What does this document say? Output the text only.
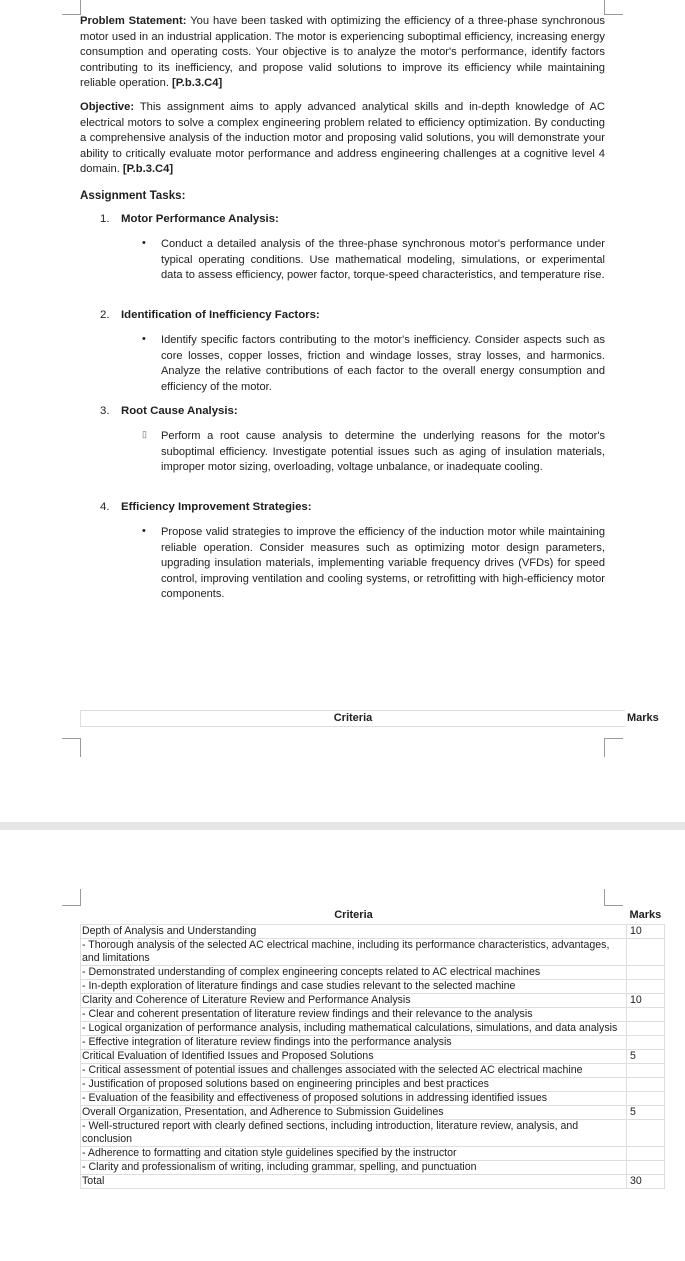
Problem Statement: You have been tasked with optimizing the efficiency of a three-phase synchronous motor used in an industrial application. The motor is experiencing suboptimal efficiency, increasing energy consumption and operating costs. Your objective is to analyze the motor's performance, identify factors contributing to its inefficiency, and propose valid solutions to improve its efficiency while maintaining reliable operation. [P.b.3.C4]

Objective: This assignment aims to apply advanced analytical skills and in-depth knowledge of AC electrical motors to solve a complex engineering problem related to efficiency optimization. By conducting a comprehensive analysis of the induction motor and proposing valid solutions, you will demonstrate your ability to critically evaluate motor performance and address engineering challenges at a cognitive level 4 domain. [P.b.3.C4]

Assignment Tasks:
1. Motor Performance Analysis:
• Conduct a detailed analysis of the three-phase synchronous motor's performance under typical operating conditions. Use mathematical modeling, simulations, or experimental data to assess efficiency, power factor, torque-speed characteristics, and temperature rise.
2. Identification of Inefficiency Factors:
• Identify specific factors contributing to the motor's inefficiency. Consider aspects such as core losses, copper losses, friction and windage losses, stray losses, and harmonics. Analyze the relative contributions of each factor to the overall energy consumption and efficiency of the motor.
3. Root Cause Analysis:
▯ Perform a root cause analysis to determine the underlying reasons for the motor's suboptimal efficiency. Investigate potential issues such as aging of insulation materials, improper motor sizing, overloading, voltage unbalance, or inadequate cooling.
4. Efficiency Improvement Strategies:
• Propose valid strategies to improve the efficiency of the induction motor while maintaining reliable operation. Consider measures such as optimizing motor design parameters, upgrading insulation materials, implementing variable frequency drives (VFDs) for speed control, improving ventilation and cooling systems, or retrofitting with high-efficiency motor components.
Criteria	Marks
Criteria	Marks
Depth of Analysis and Understanding	10
- Thorough analysis of the selected AC electrical machine, including its performance characteristics, advantages, and limitations	
- Demonstrated understanding of complex engineering concepts related to AC electrical machines	
- In-depth exploration of literature findings and case studies relevant to the selected machine	
Clarity and Coherence of Literature Review and Performance Analysis	10
- Clear and coherent presentation of literature review findings and their relevance to the analysis	
- Logical organization of performance analysis, including mathematical calculations, simulations, and data analysis	
- Effective integration of literature review findings into the performance analysis	
Critical Evaluation of Identified Issues and Proposed Solutions	5
- Critical assessment of potential issues and challenges associated with the selected AC electrical machine	
- Justification of proposed solutions based on engineering principles and best practices	
- Evaluation of the feasibility and effectiveness of proposed solutions in addressing identified issues	
Overall Organization, Presentation, and Adherence to Submission Guidelines	5
- Well-structured report with clearly defined sections, including introduction, literature review, analysis, and conclusion	
- Adherence to formatting and citation style guidelines specified by the instructor	
- Clarity and professionalism of writing, including grammar, spelling, and punctuation	
Total	30
